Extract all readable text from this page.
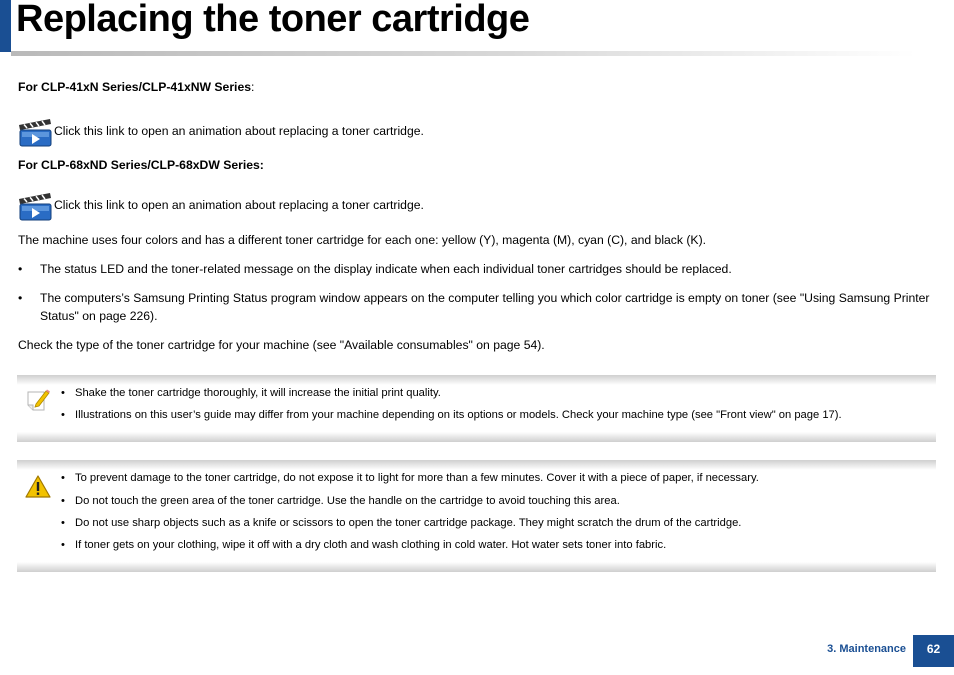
Replacing the toner cartridge
For CLP-41xN Series/CLP-41xNW Series:
Click this link to open an animation about replacing a toner cartridge.
For CLP-68xND Series/CLP-68xDW Series:
Click this link to open an animation about replacing a toner cartridge.
The machine uses four colors and has a different toner cartridge for each one: yellow (Y), magenta (M), cyan (C), and black (K).
•	The status LED and the toner-related message on the display indicate when each individual toner cartridges should be replaced.
•	The computers’s Samsung Printing Status program window appears on the computer telling you which color cartridge is empty on toner (see "Using Samsung Printer Status" on page 226).
Check the type of the toner cartridge for your machine (see "Available consumables" on page 54).
• Shake the toner cartridge thoroughly, it will increase the initial print quality.
• Illustrations on this user’s guide may differ from your machine depending on its options or models. Check your machine type (see "Front view" on page 17).
• To prevent damage to the toner cartridge, do not expose it to light for more than a few minutes. Cover it with a piece of paper, if necessary.
• Do not touch the green area of the toner cartridge. Use the handle on the cartridge to avoid touching this area.
• Do not use sharp objects such as a knife or scissors to open the toner cartridge package. They might scratch the drum of the cartridge.
• If toner gets on your clothing, wipe it off with a dry cloth and wash clothing in cold water. Hot water sets toner into fabric.
3. Maintenance	62
